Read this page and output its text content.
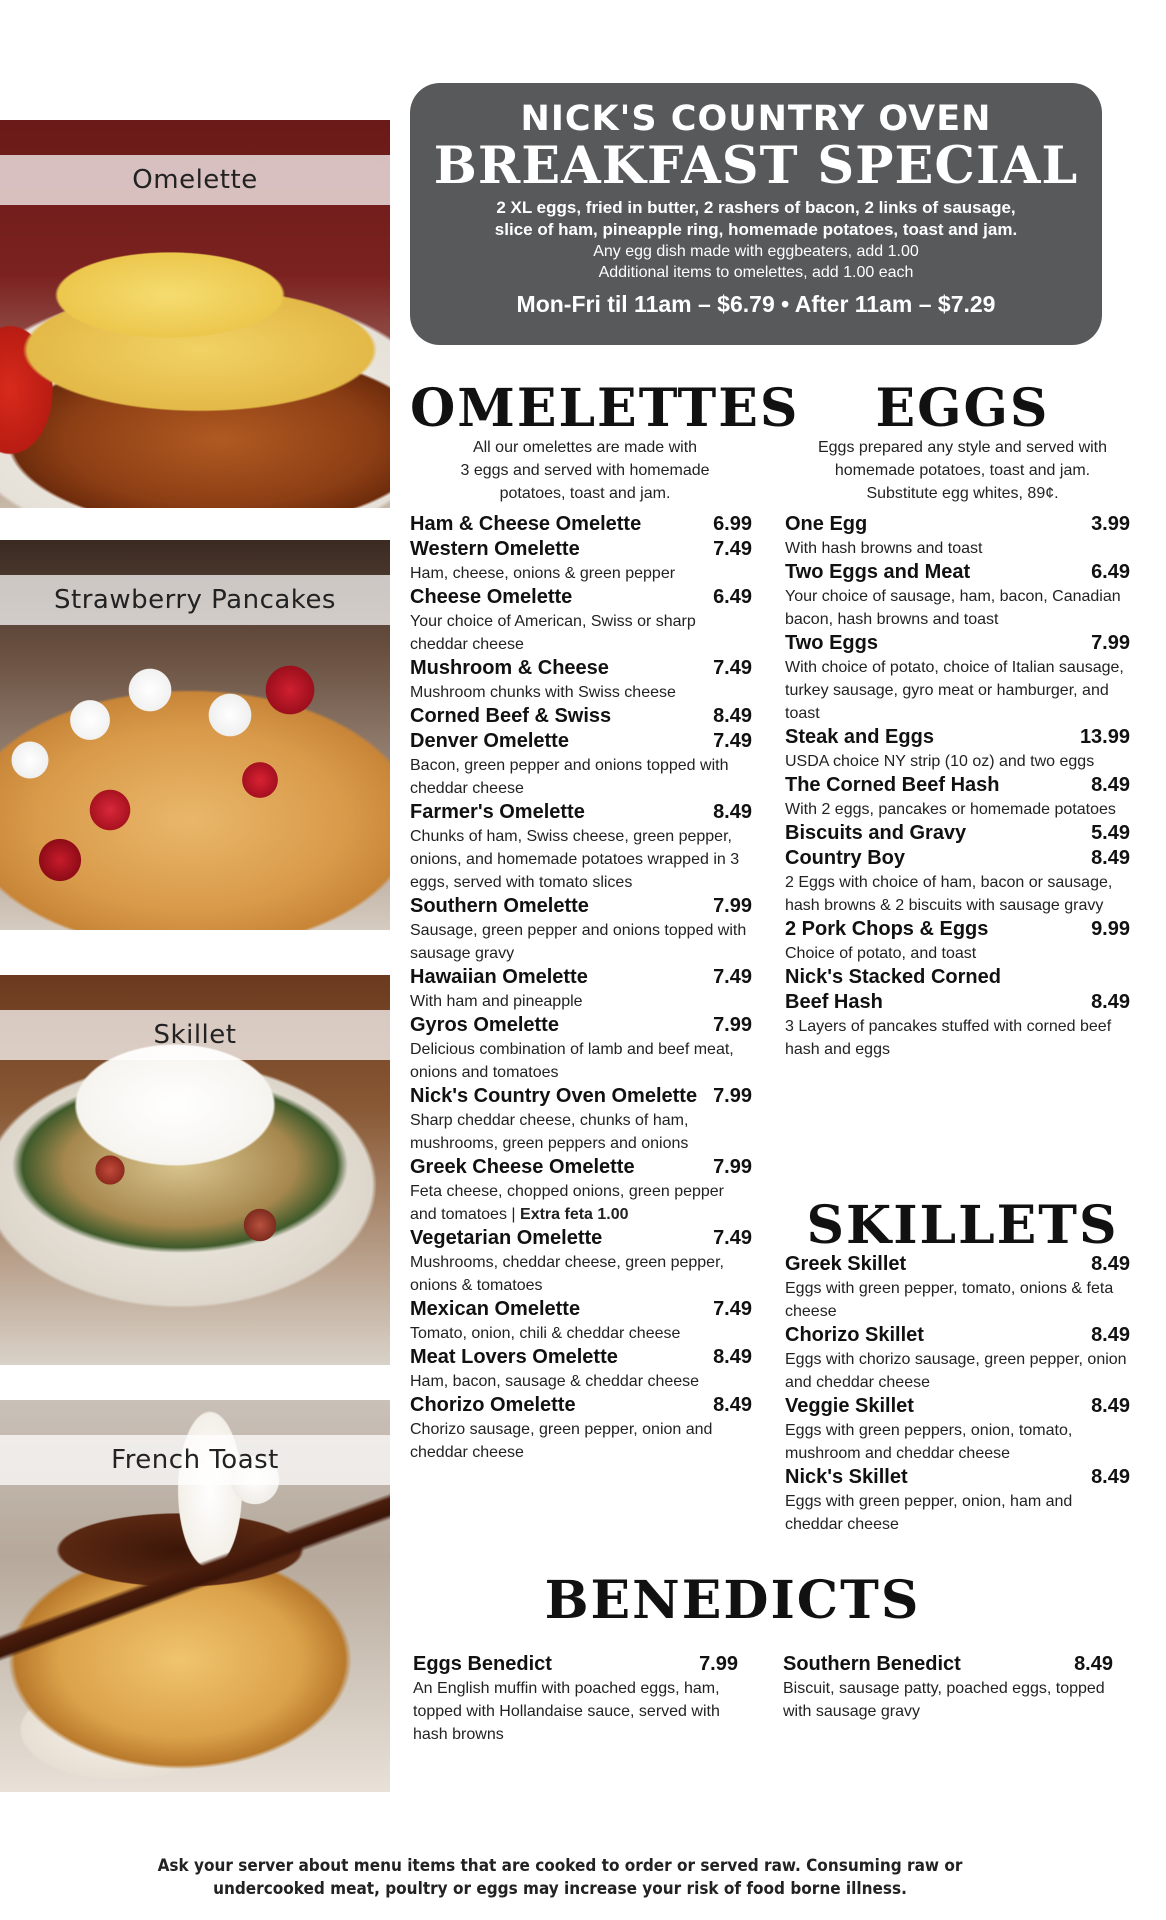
Omelette
Strawberry Pancakes
Skillet
French Toast
NICK'S COUNTRY OVEN
BREAKFAST SPECIAL
2 XL eggs, fried in butter, 2 rashers of bacon, 2 links of sausage,
slice of ham, pineapple ring, homemade potatoes, toast and jam.
Any egg dish made with eggbeaters, add 1.00
Additional items to omelettes, add 1.00 each
Mon-Fri til 11am – $6.79 • After 11am – $7.29
OMELETTES
All our omelettes are made with
3 eggs and served with homemade
potatoes, toast and jam.
Ham & Cheese Omelette	6.99
Western Omelette	7.49
Ham, cheese, onions & green pepper
Cheese Omelette	6.49
Your choice of American, Swiss or sharp cheddar cheese
Mushroom & Cheese	7.49
Mushroom chunks with Swiss cheese
Corned Beef & Swiss	8.49
Denver Omelette	7.49
Bacon, green pepper and onions topped with cheddar cheese
Farmer's Omelette	8.49
Chunks of ham, Swiss cheese, green pepper, onions, and homemade potatoes wrapped in 3 eggs, served with tomato slices
Southern Omelette	7.99
Sausage, green pepper and onions topped with sausage gravy
Hawaiian Omelette	7.49
With ham and pineapple
Gyros Omelette	7.99
Delicious combination of lamb and beef meat, onions and tomatoes
Nick's Country Oven Omelette 7.99
Sharp cheddar cheese, chunks of ham, mushrooms, green peppers and onions
Greek Cheese Omelette	7.99
Feta cheese, chopped onions, green pepper and tomatoes | Extra feta 1.00
Vegetarian Omelette	7.49
Mushrooms, cheddar cheese, green pepper, onions & tomatoes
Mexican Omelette	7.49
Tomato, onion, chili & cheddar cheese
Meat Lovers Omelette	8.49
Ham, bacon, sausage & cheddar cheese
Chorizo Omelette	8.49
Chorizo sausage, green pepper, onion and cheddar cheese
EGGS
Eggs prepared any style and served with
homemade potatoes, toast and jam.
Substitute egg whites, 89¢.
One Egg	3.99
With hash browns and toast
Two Eggs and Meat	6.49
Your choice of sausage, ham, bacon, Canadian bacon, hash browns and toast
Two Eggs	7.99
With choice of potato, choice of Italian sausage, turkey sausage, gyro meat or hamburger, and toast
Steak and Eggs	13.99
USDA choice NY strip (10 oz) and two eggs
The Corned Beef Hash	8.49
With 2 eggs, pancakes or homemade potatoes
Biscuits and Gravy	5.49
Country Boy	8.49
2 Eggs with choice of ham, bacon or sausage, hash browns & 2 biscuits with sausage gravy
2 Pork Chops & Eggs	9.99
Choice of potato, and toast
Nick's Stacked Corned
Beef Hash	8.49
3 Layers of pancakes stuffed with corned beef hash and eggs
SKILLETS
Greek Skillet	8.49
Eggs with green pepper, tomato, onions & feta cheese
Chorizo Skillet	8.49
Eggs with chorizo sausage, green pepper, onion and cheddar cheese
Veggie Skillet	8.49
Eggs with green peppers, onion, tomato, mushroom and cheddar cheese
Nick's Skillet	8.49
Eggs with green pepper, onion, ham and cheddar cheese
BENEDICTS
Eggs Benedict	7.99
An English muffin with poached eggs, ham, topped with Hollandaise sauce, served with hash browns
Southern Benedict	8.49
Biscuit, sausage patty, poached eggs, topped with sausage gravy
Ask your server about menu items that are cooked to order or served raw. Consuming raw or
undercooked meat, poultry or eggs may increase your risk of food borne illness.
